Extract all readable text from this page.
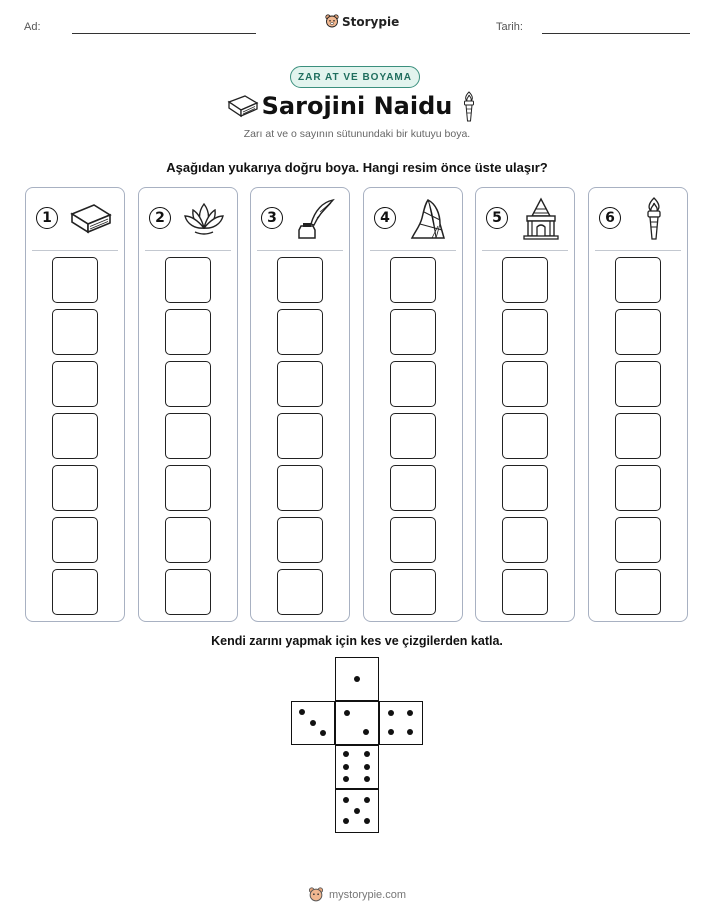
Ad:	Storypie	Tarih:
ZAR AT VE BOYAMA
Sarojini Naidu
Zarı at ve o sayının sütunundaki bir kutuyu boya.
Aşağıdan yukarıya doğru boya. Hangi resim önce üste ulaşır?
1	2	3	4	5	6
Kendi zarını yapmak için kes ve çizgilerden katla.
mystorypie.com
